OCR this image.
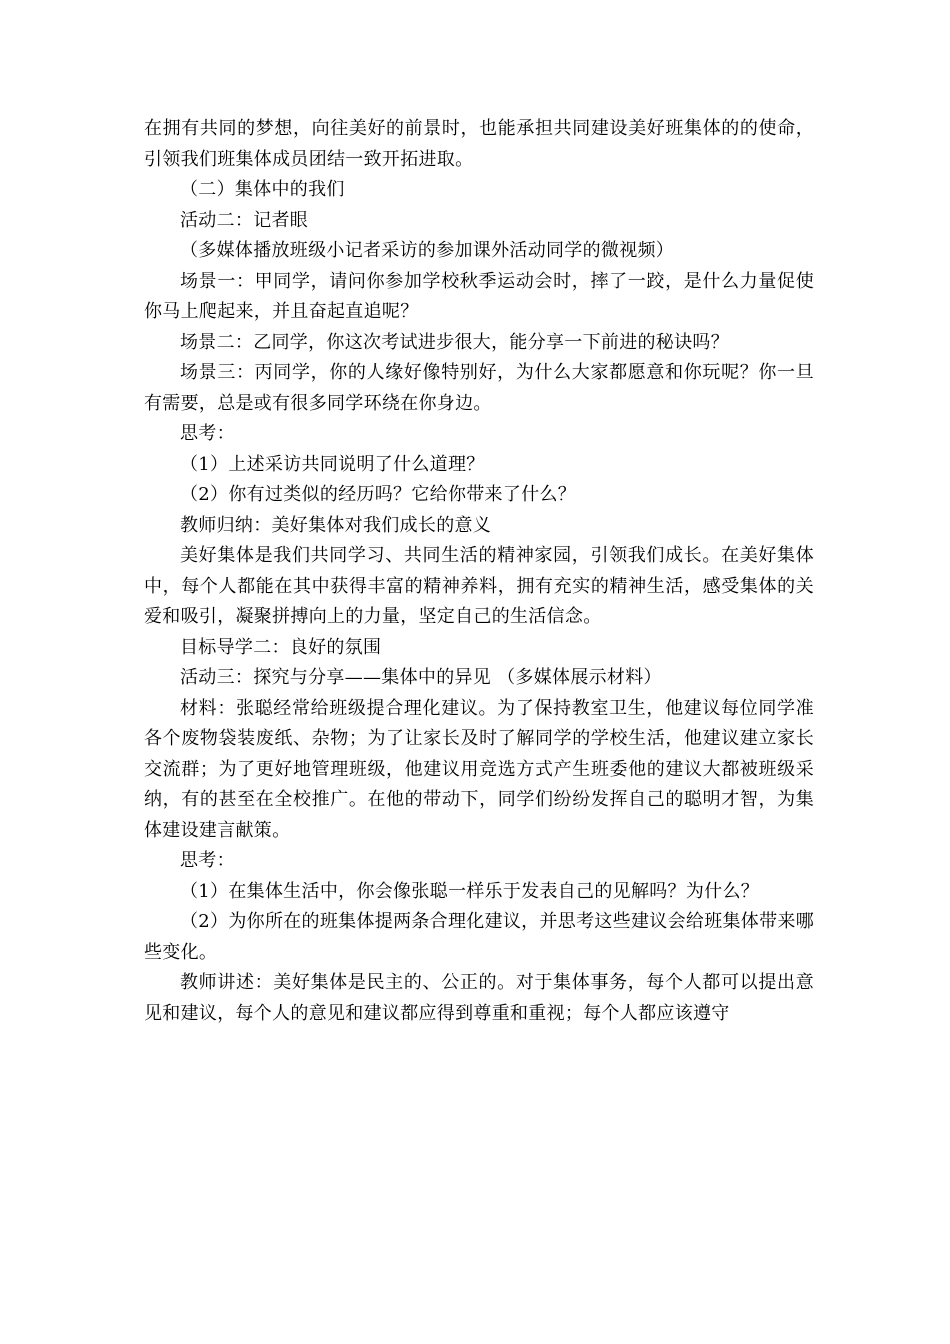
在拥有共同的梦想，向往美好的前景时，也能承担共同建设美好班集体的的使命，引领我们班集体成员团结一致开拓进取。

（二）集体中的我们

活动二：记者眼

（多媒体播放班级小记者采访的参加课外活动同学的微视频）

场景一：甲同学，请问你参加学校秋季运动会时，摔了一跤，是什么力量促使你马上爬起来，并且奋起直追呢？

场景二：乙同学，你这次考试进步很大，能分享一下前进的秘诀吗？

场景三：丙同学，你的人缘好像特别好，为什么大家都愿意和你玩呢？你一旦有需要，总是或有很多同学环绕在你身边。

思考：

（1）上述采访共同说明了什么道理？

（2）你有过类似的经历吗？它给你带来了什么？

教师归纳：美好集体对我们成长的意义

美好集体是我们共同学习、共同生活的精神家园，引领我们成长。在美好集体中，每个人都能在其中获得丰富的精神养料，拥有充实的精神生活，感受集体的关爱和吸引，凝聚拼搏向上的力量，坚定自己的生活信念。

目标导学二：良好的氛围

活动三：探究与分享——集体中的异见 （多媒体展示材料）

材料：张聪经常给班级提合理化建议。为了保持教室卫生，他建议每位同学准各个废物袋装废纸、杂物；为了让家长及时了解同学的学校生活，他建议建立家长交流群；为了更好地管理班级，他建议用竞选方式产生班委他的建议大都被班级采纳，有的甚至在全校推广。在他的带动下，同学们纷纷发挥自己的聪明才智，为集体建设建言献策。

思考：

（1）在集体生活中，你会像张聪一样乐于发表自己的见解吗？为什么？

（2）为你所在的班集体提两条合理化建议，并思考这些建议会给班集体带来哪些变化。

教师讲述：美好集体是民主的、公正的。对于集体事务，每个人都可以提出意见和建议，每个人的意见和建议都应得到尊重和重视；每个人都应该遵守
